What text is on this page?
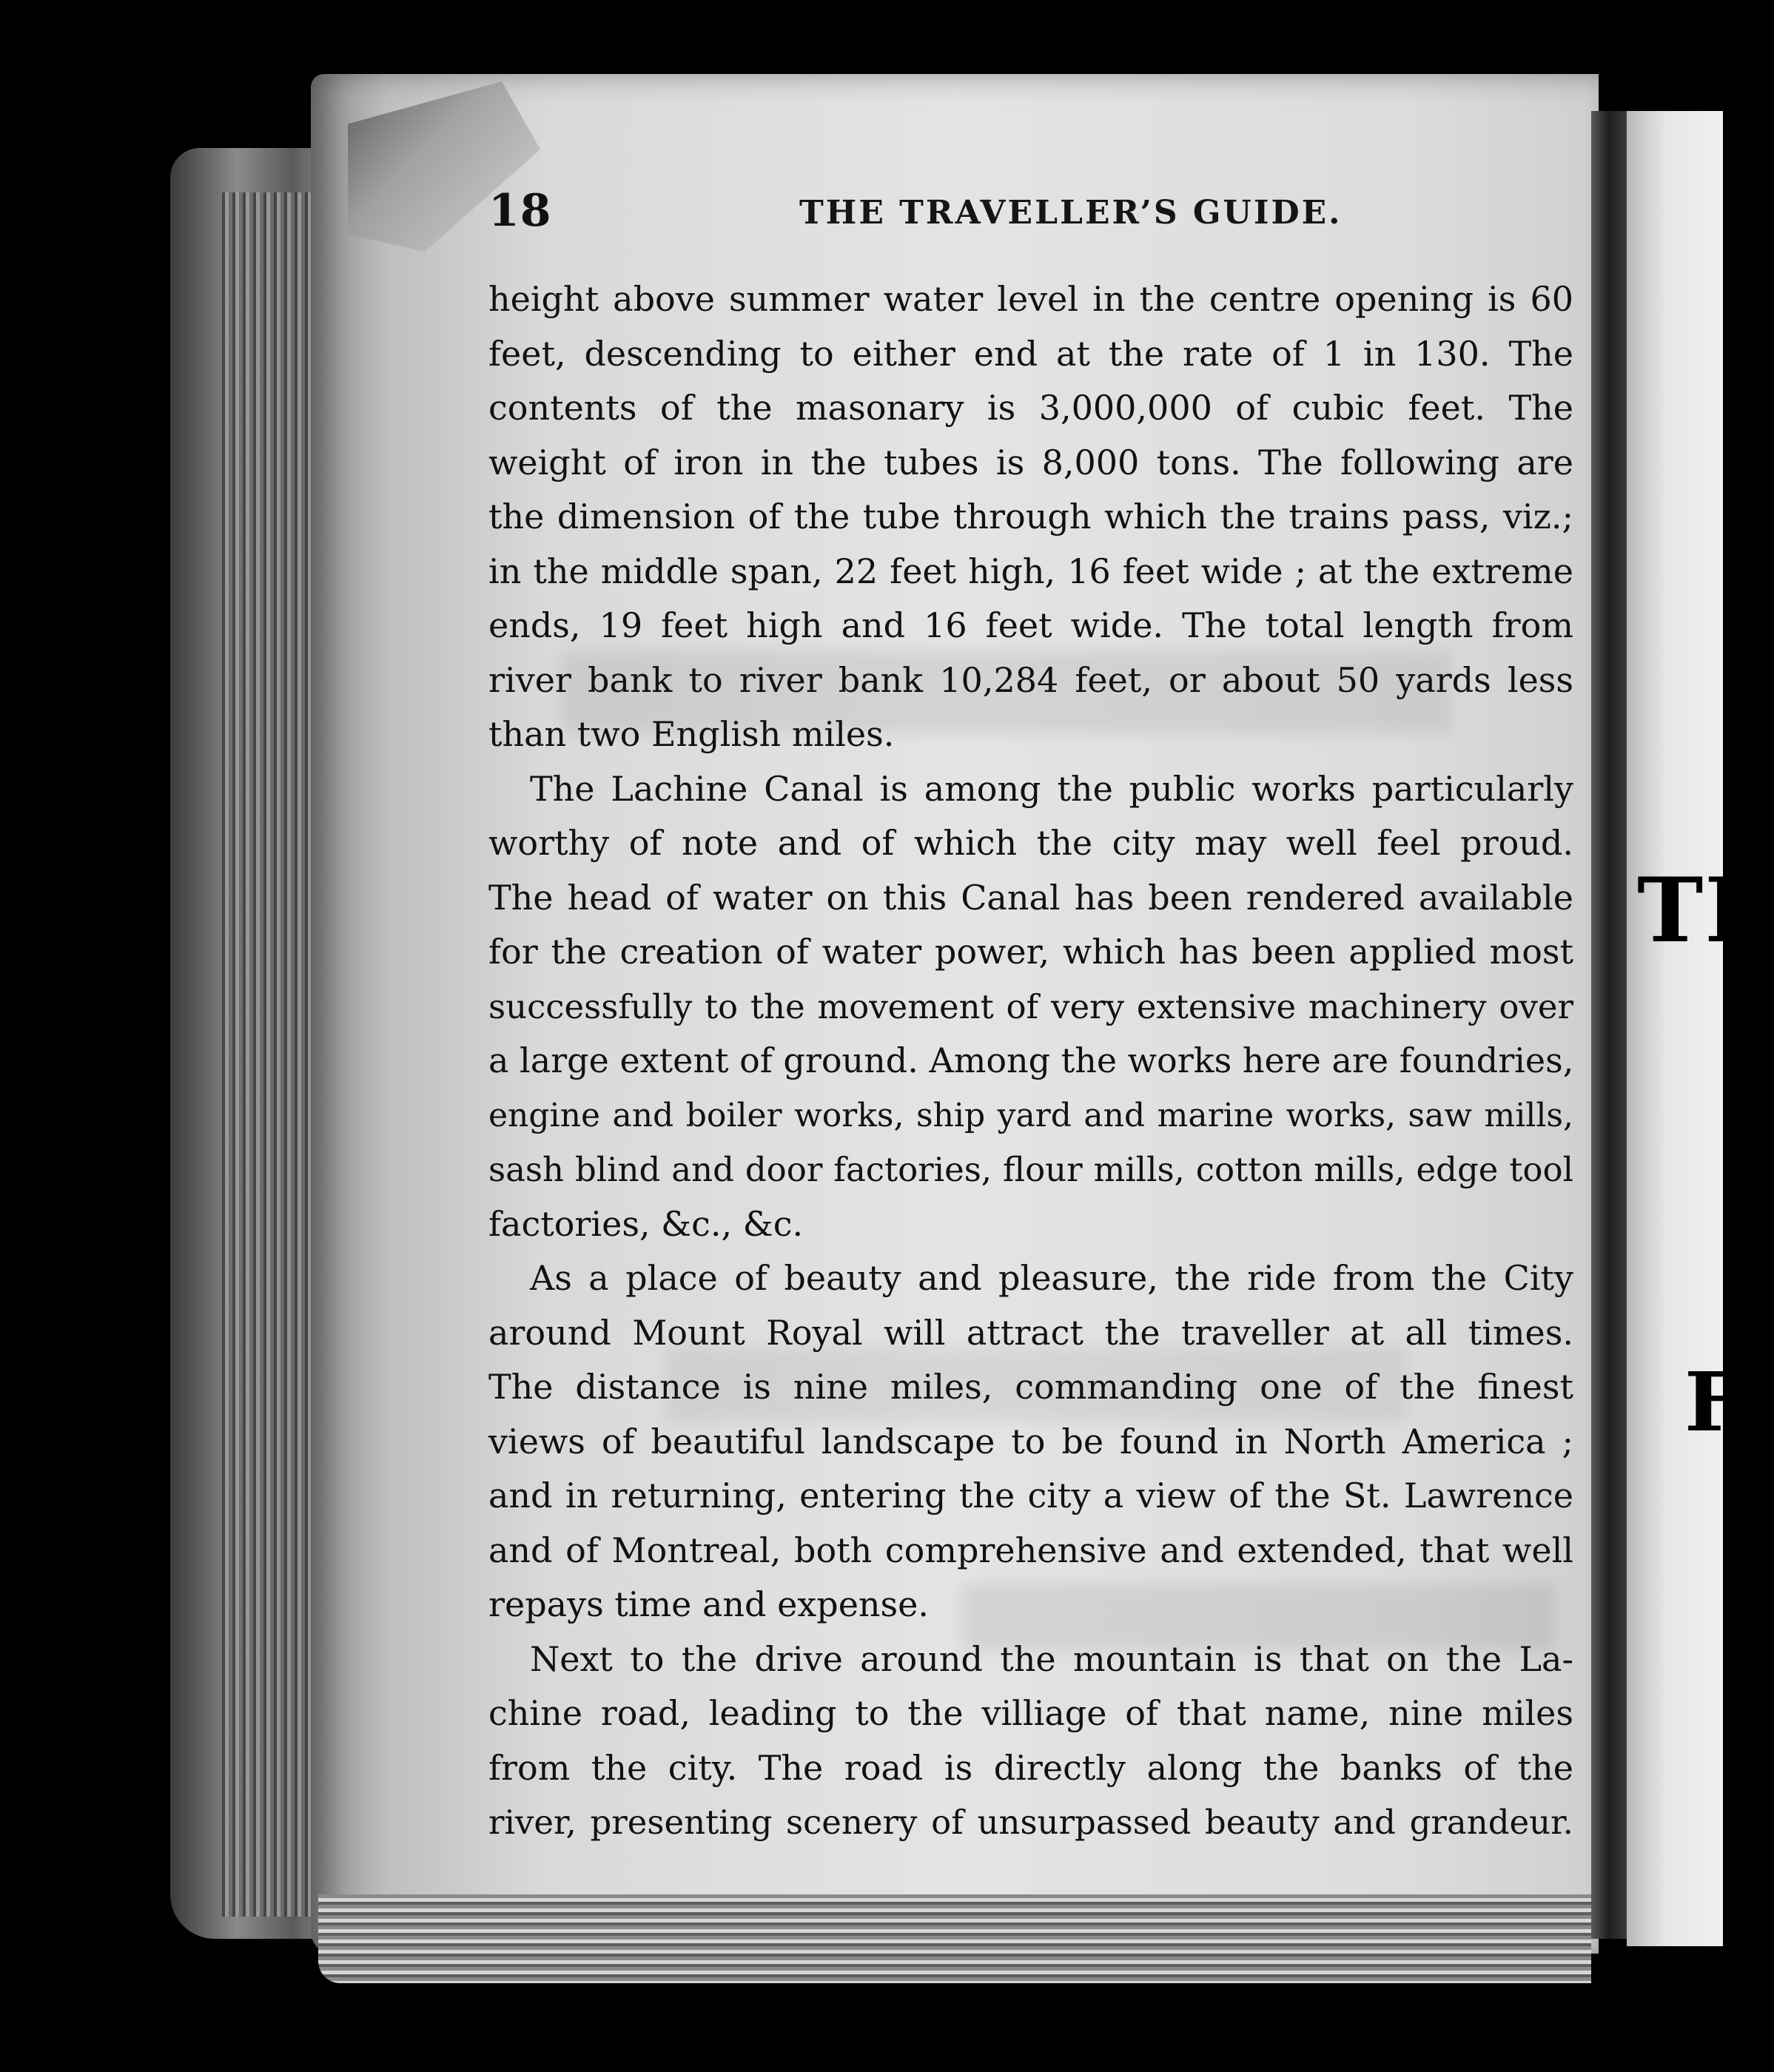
TE
F
18	THE TRAVELLER’S GUIDE.

height above summer water level in the centre opening is 60
feet, descending to either end at the rate of 1 in 130. The
contents of the masonary is 3,000,000 of cubic feet. The
weight of iron in the tubes is 8,000 tons. The following are
the dimension of the tube through which the trains pass, viz.;
in the middle span, 22 feet high, 16 feet wide ; at the extreme
ends, 19 feet high and 16 feet wide. The total length from
river bank to river bank 10,284 feet, or about 50 yards less
than two English miles.

The Lachine Canal is among the public works particularly
worthy of note and of which the city may well feel proud.
The head of water on this Canal has been rendered available
for the creation of water power, which has been applied most
successfully to the movement of very extensive machinery over
a large extent of ground. Among the works here are foundries,
engine and boiler works, ship yard and marine works, saw mills,
sash blind and door factories, flour mills, cotton mills, edge tool
factories, &c., &c.

As a place of beauty and pleasure, the ride from the City
around Mount Royal will attract the traveller at all times.
The distance is nine miles, commanding one of the finest
views of beautiful landscape to be found in North America ;
and in returning, entering the city a view of the St. Lawrence
and of Montreal, both comprehensive and extended, that well
repays time and expense.

Next to the drive around the mountain is that on the La-
chine road, leading to the villiage of that name, nine miles
from the city. The road is directly along the banks of the
river, presenting scenery of unsurpassed beauty and grandeur.
